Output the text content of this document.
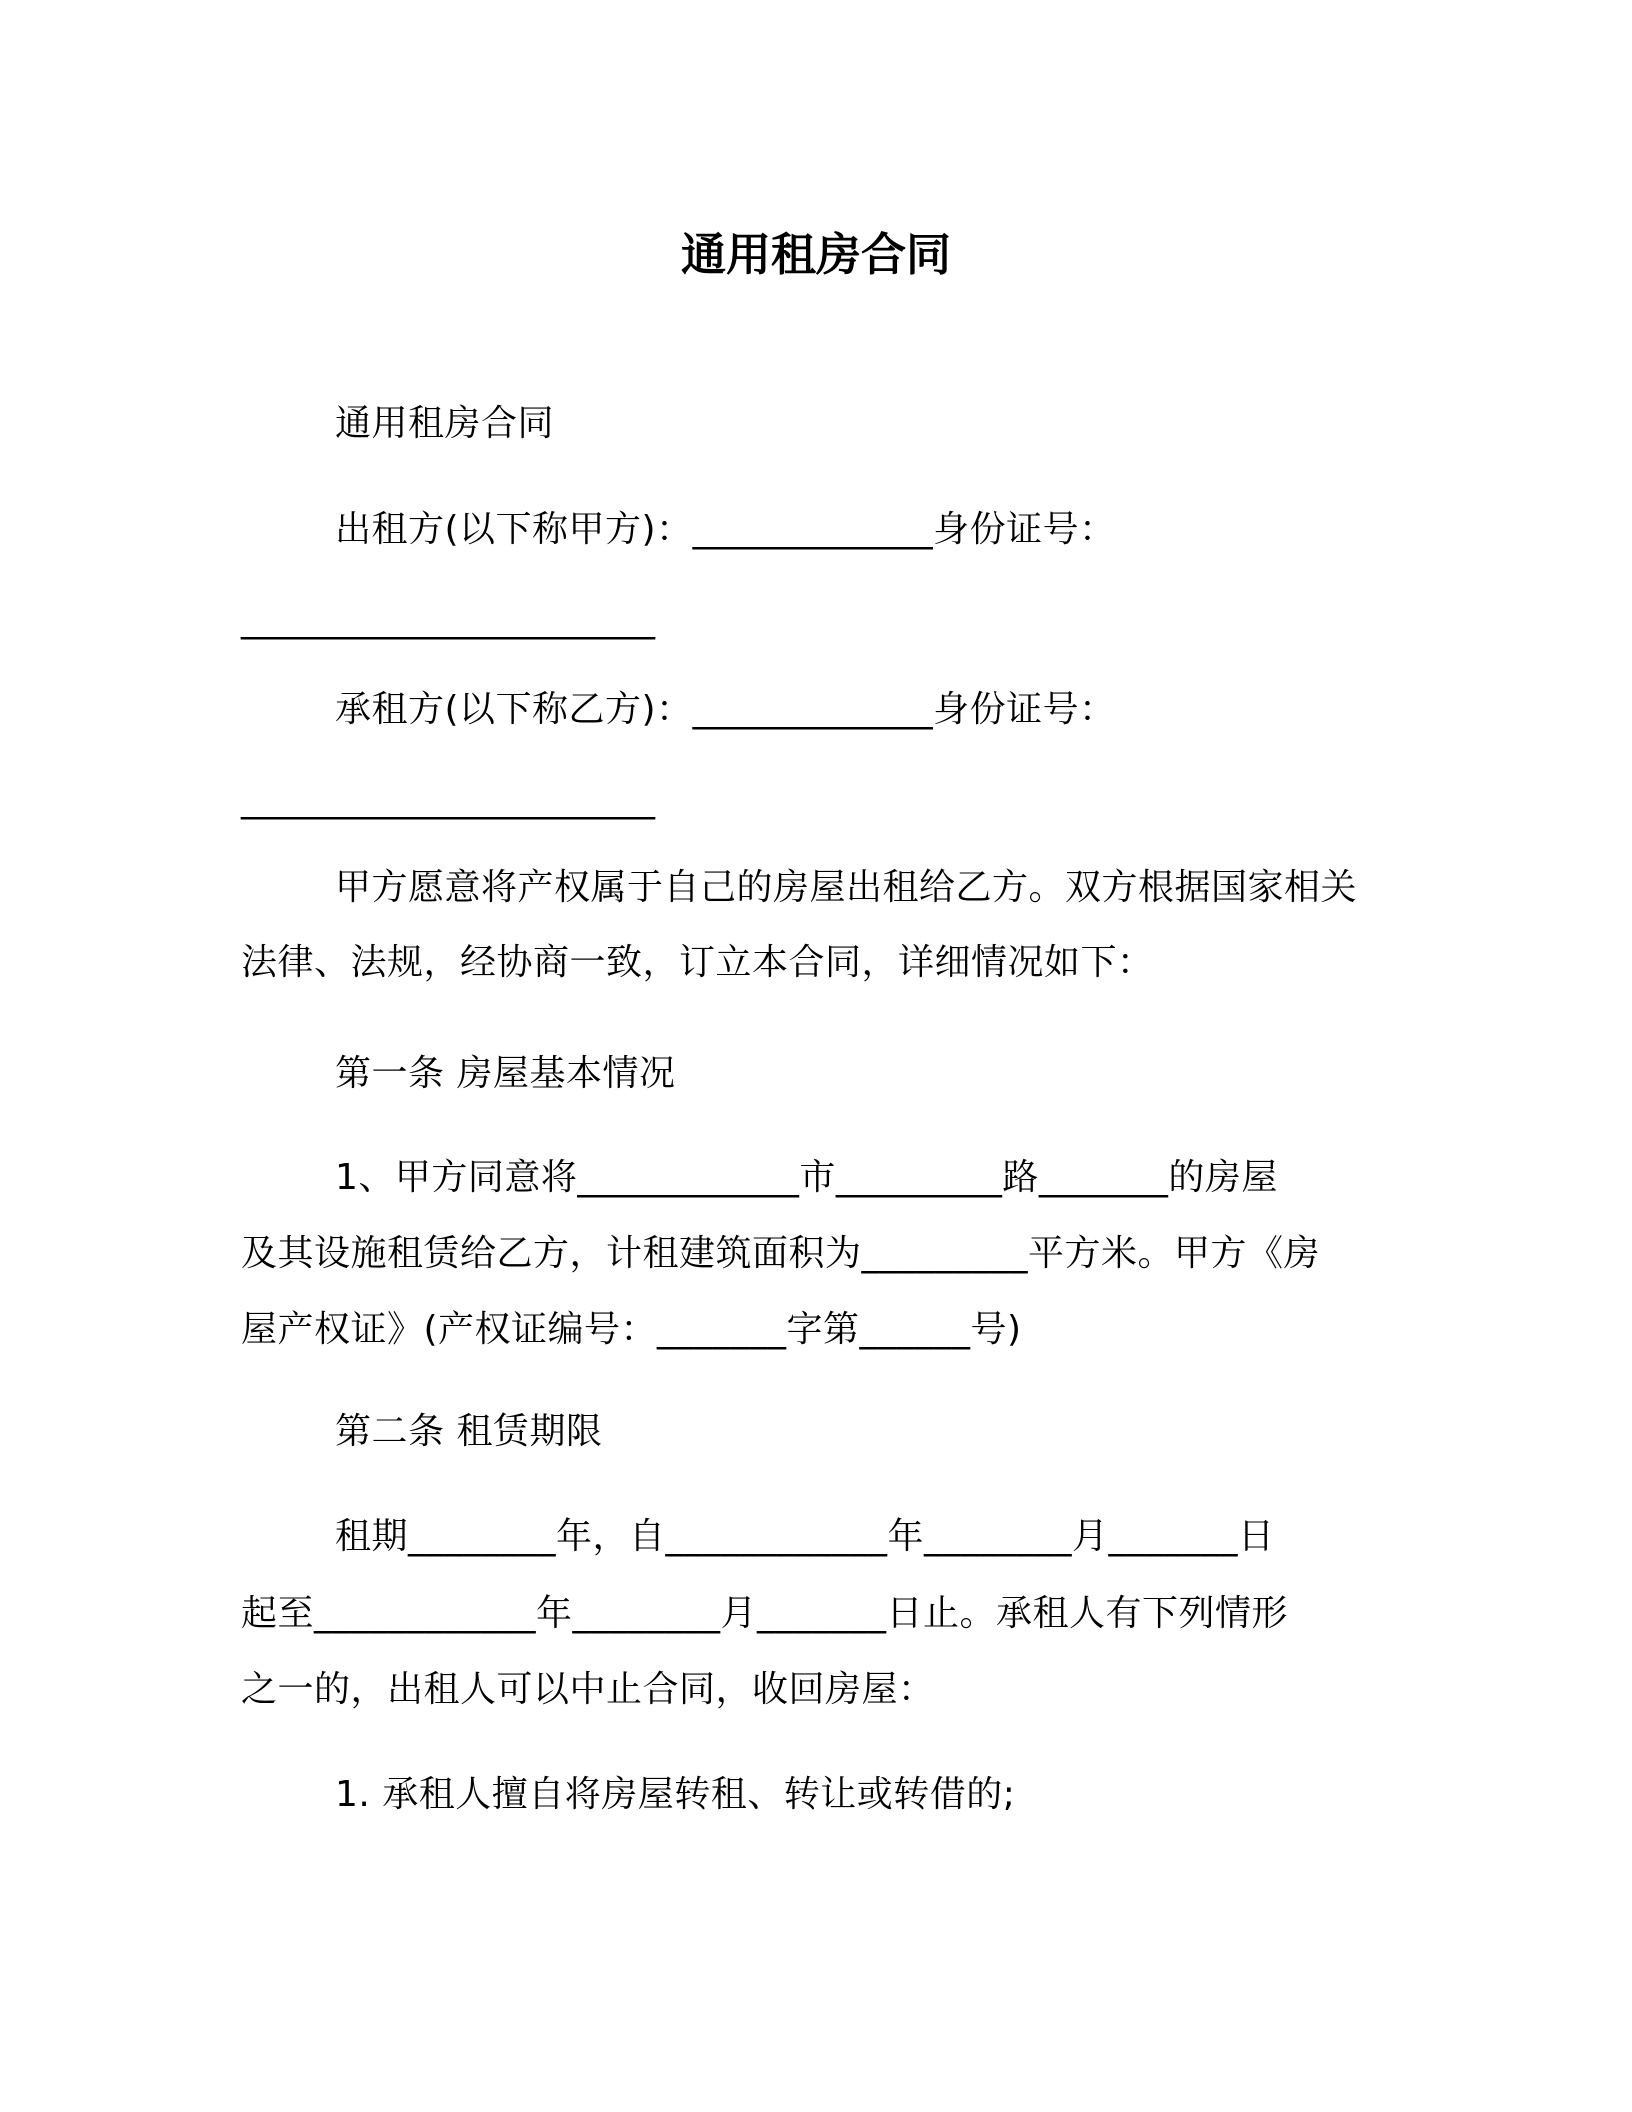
通用租房合同
通用租房合同
出租方(以下称甲方)：_____________身份证号：
_______________________
承租方(以下称乙方)：_____________身份证号：
_______________________
甲方愿意将产权属于自己的房屋出租给乙方。双方根据国家相关
法律、法规，经协商一致，订立本合同，详细情况如下：
第一条 房屋基本情况
1、甲方同意将____________市_________路_______的房屋
及其设施租赁给乙方，计租建筑面积为_________平方米。甲方《房
屋产权证》(产权证编号：_______字第______号)
第二条 租赁期限
租期________年，自____________年________月_______日
起至____________年________月_______日止。承租人有下列情形
之一的，出租人可以中止合同，收回房屋：
1. 承租人擅自将房屋转租、转让或转借的;
